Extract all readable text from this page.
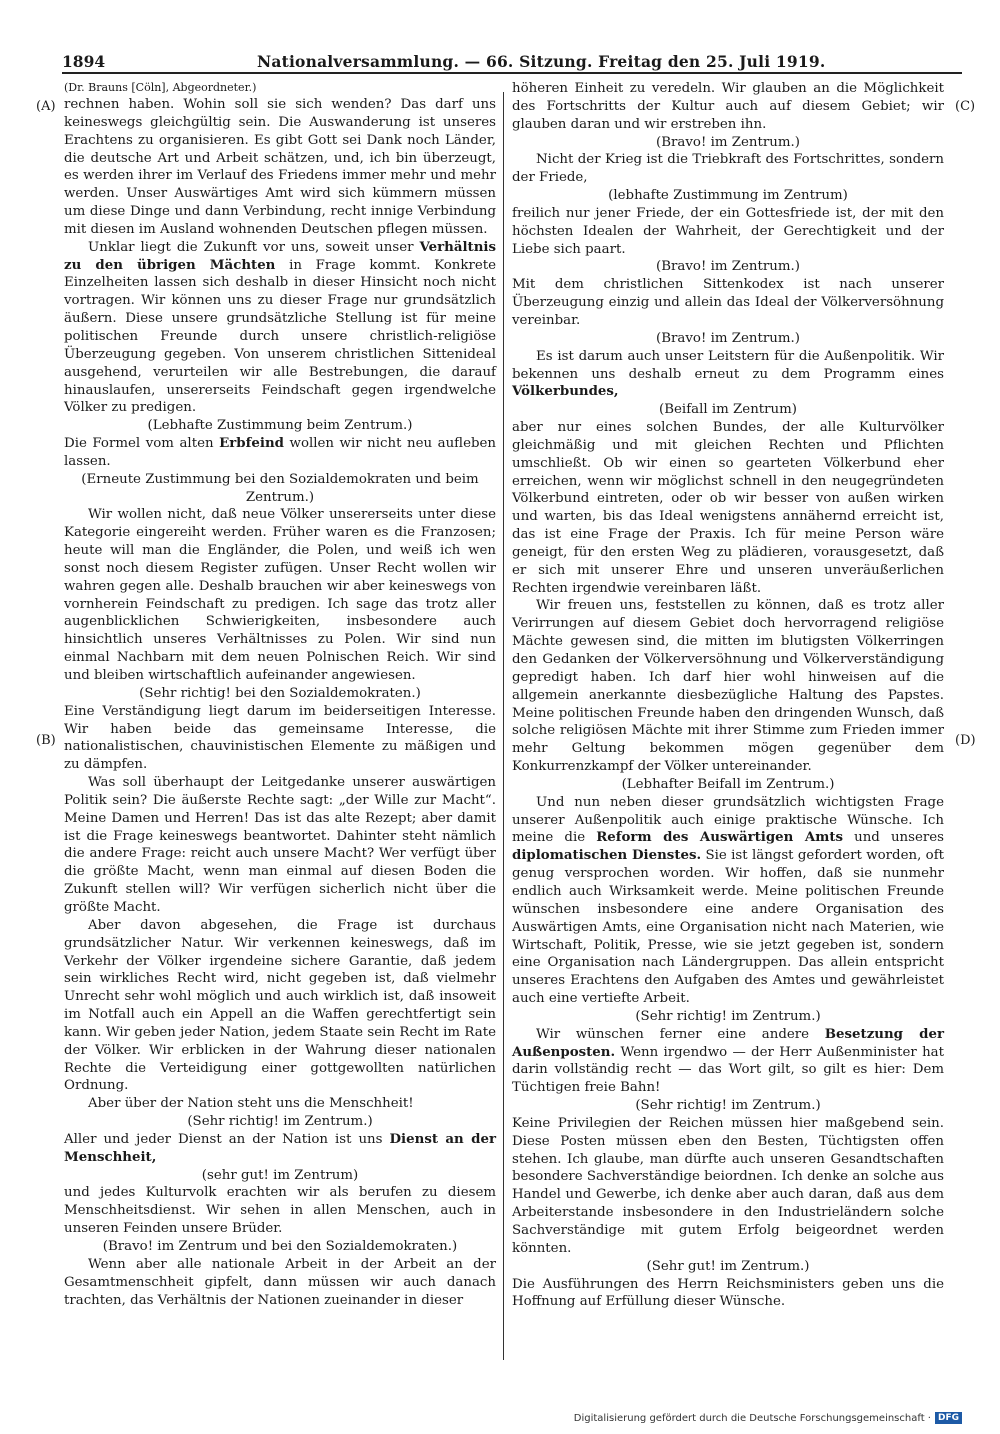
1894	Nationalversammlung. — 66. Sitzung. Freitag den 25. Juli 1919.
(A)
(B)
(C)
(D)

(Dr. Brauns [Cöln], Abgeordneter.)

rechnen haben. Wohin soll sie sich wenden? Das darf uns keineswegs gleichgültig sein. Die Auswanderung ist unseres Erachtens zu organisieren. Es gibt Gott sei Dank noch Länder, die deutsche Art und Arbeit schätzen, und, ich bin überzeugt, es werden ihrer im Verlauf des Friedens immer mehr und mehr werden. Unser Auswärtiges Amt wird sich kümmern müssen um diese Dinge und dann Verbindung, recht innige Verbindung mit diesen im Ausland wohnenden Deutschen pflegen müssen.

Unklar liegt die Zukunft vor uns, soweit unser Verhältnis zu den übrigen Mächten in Frage kommt. Konkrete Einzelheiten lassen sich deshalb in dieser Hinsicht noch nicht vortragen. Wir können uns zu dieser Frage nur grundsätzlich äußern. Diese unsere grundsätzliche Stellung ist für meine politischen Freunde durch unsere christlich-religiöse Überzeugung gegeben. Von unserem christlichen Sittenideal ausgehend, verurteilen wir alle Bestrebungen, die darauf hinauslaufen, unsererseits Feindschaft gegen irgendwelche Völker zu predigen.

(Lebhafte Zustimmung beim Zentrum.)

Die Formel vom alten Erbfeind wollen wir nicht neu aufleben lassen.

(Erneute Zustimmung bei den Sozialdemokraten und beim Zentrum.)

Wir wollen nicht, daß neue Völker unsererseits unter diese Kategorie eingereiht werden. Früher waren es die Franzosen; heute will man die Engländer, die Polen, und weiß ich wen sonst noch diesem Register zufügen. Unser Recht wollen wir wahren gegen alle. Deshalb brauchen wir aber keineswegs von vornherein Feindschaft zu predigen. Ich sage das trotz aller augenblicklichen Schwierigkeiten, insbesondere auch hinsichtlich unseres Verhältnisses zu Polen. Wir sind nun einmal Nachbarn mit dem neuen Polnischen Reich. Wir sind und bleiben wirtschaftlich aufeinander angewiesen.

(Sehr richtig! bei den Sozialdemokraten.)

Eine Verständigung liegt darum im beiderseitigen Interesse. Wir haben beide das gemeinsame Interesse, die nationalistischen, chauvinistischen Elemente zu mäßigen und zu dämpfen.

Was soll überhaupt der Leitgedanke unserer auswärtigen Politik sein? Die äußerste Rechte sagt: „der Wille zur Macht“. Meine Damen und Herren! Das ist das alte Rezept; aber damit ist die Frage keineswegs beantwortet. Dahinter steht nämlich die andere Frage: reicht auch unsere Macht? Wer verfügt über die größte Macht, wenn man einmal auf diesen Boden die Zukunft stellen will? Wir verfügen sicherlich nicht über die größte Macht.

Aber davon abgesehen, die Frage ist durchaus grundsätzlicher Natur. Wir verkennen keineswegs, daß im Verkehr der Völker irgendeine sichere Garantie, daß jedem sein wirkliches Recht wird, nicht gegeben ist, daß vielmehr Unrecht sehr wohl möglich und auch wirklich ist, daß insoweit im Notfall auch ein Appell an die Waffen gerechtfertigt sein kann. Wir geben jeder Nation, jedem Staate sein Recht im Rate der Völker. Wir erblicken in der Wahrung dieser nationalen Rechte die Verteidigung einer gottgewollten natürlichen Ordnung.

Aber über der Nation steht uns die Menschheit!

(Sehr richtig! im Zentrum.)

Aller und jeder Dienst an der Nation ist uns Dienst an der Menschheit,

(sehr gut! im Zentrum)

und jedes Kulturvolk erachten wir als berufen zu diesem Menschheitsdienst. Wir sehen in allen Menschen, auch in unseren Feinden unsere Brüder.

(Bravo! im Zentrum und bei den Sozialdemokraten.)

Wenn aber alle nationale Arbeit in der Arbeit an der Gesamtmenschheit gipfelt, dann müssen wir auch danach trachten, das Verhältnis der Nationen zueinander in dieser

höheren Einheit zu veredeln. Wir glauben an die Möglichkeit des Fortschritts der Kultur auch auf diesem Gebiet; wir glauben daran und wir erstreben ihn.

(Bravo! im Zentrum.)

Nicht der Krieg ist die Triebkraft des Fortschrittes, sondern der Friede,

(lebhafte Zustimmung im Zentrum)

freilich nur jener Friede, der ein Gottesfriede ist, der mit den höchsten Idealen der Wahrheit, der Gerechtigkeit und der Liebe sich paart.

(Bravo! im Zentrum.)

Mit dem christlichen Sittenkodex ist nach unserer Überzeugung einzig und allein das Ideal der Völkerversöhnung vereinbar.

(Bravo! im Zentrum.)

Es ist darum auch unser Leitstern für die Außenpolitik. Wir bekennen uns deshalb erneut zu dem Programm eines Völkerbundes,

(Beifall im Zentrum)

aber nur eines solchen Bundes, der alle Kulturvölker gleichmäßig und mit gleichen Rechten und Pflichten umschließt. Ob wir einen so gearteten Völkerbund eher erreichen, wenn wir möglichst schnell in den neugegründeten Völkerbund eintreten, oder ob wir besser von außen wirken und warten, bis das Ideal wenigstens annähernd erreicht ist, das ist eine Frage der Praxis. Ich für meine Person wäre geneigt, für den ersten Weg zu plädieren, vorausgesetzt, daß er sich mit unserer Ehre und unseren unveräußerlichen Rechten irgendwie vereinbaren läßt.

Wir freuen uns, feststellen zu können, daß es trotz aller Verirrungen auf diesem Gebiet doch hervorragend religiöse Mächte gewesen sind, die mitten im blutigsten Völkerringen den Gedanken der Völkerversöhnung und Völkerverständigung gepredigt haben. Ich darf hier wohl hinweisen auf die allgemein anerkannte diesbezügliche Haltung des Papstes. Meine politischen Freunde haben den dringenden Wunsch, daß solche religiösen Mächte mit ihrer Stimme zum Frieden immer mehr Geltung bekommen mögen gegenüber dem Konkurrenzkampf der Völker untereinander.

(Lebhafter Beifall im Zentrum.)

Und nun neben dieser grundsätzlich wichtigsten Frage unserer Außenpolitik auch einige praktische Wünsche. Ich meine die Reform des Auswärtigen Amts und unseres diplomatischen Dienstes. Sie ist längst gefordert worden, oft genug versprochen worden. Wir hoffen, daß sie nunmehr endlich auch Wirksamkeit werde. Meine politischen Freunde wünschen insbesondere eine andere Organisation des Auswärtigen Amts, eine Organisation nicht nach Materien, wie Wirtschaft, Politik, Presse, wie sie jetzt gegeben ist, sondern eine Organisation nach Ländergruppen. Das allein entspricht unseres Erachtens den Aufgaben des Amtes und gewährleistet auch eine vertiefte Arbeit.

(Sehr richtig! im Zentrum.)

Wir wünschen ferner eine andere Besetzung der Außenposten. Wenn irgendwo — der Herr Außenminister hat darin vollständig recht — das Wort gilt, so gilt es hier: Dem Tüchtigen freie Bahn!

(Sehr richtig! im Zentrum.)

Keine Privilegien der Reichen müssen hier maßgebend sein. Diese Posten müssen eben den Besten, Tüchtigsten offen stehen. Ich glaube, man dürfte auch unseren Gesandtschaften besondere Sachverständige beiordnen. Ich denke an solche aus Handel und Gewerbe, ich denke aber auch daran, daß aus dem Arbeiterstande insbesondere in den Industrieländern solche Sachverständige mit gutem Erfolg beigeordnet werden könnten.

(Sehr gut! im Zentrum.)

Die Ausführungen des Herrn Reichsministers geben uns die Hoffnung auf Erfüllung dieser Wünsche.

Digitalisierung gefördert durch die Deutsche Forschungsgemeinschaft · DFG
